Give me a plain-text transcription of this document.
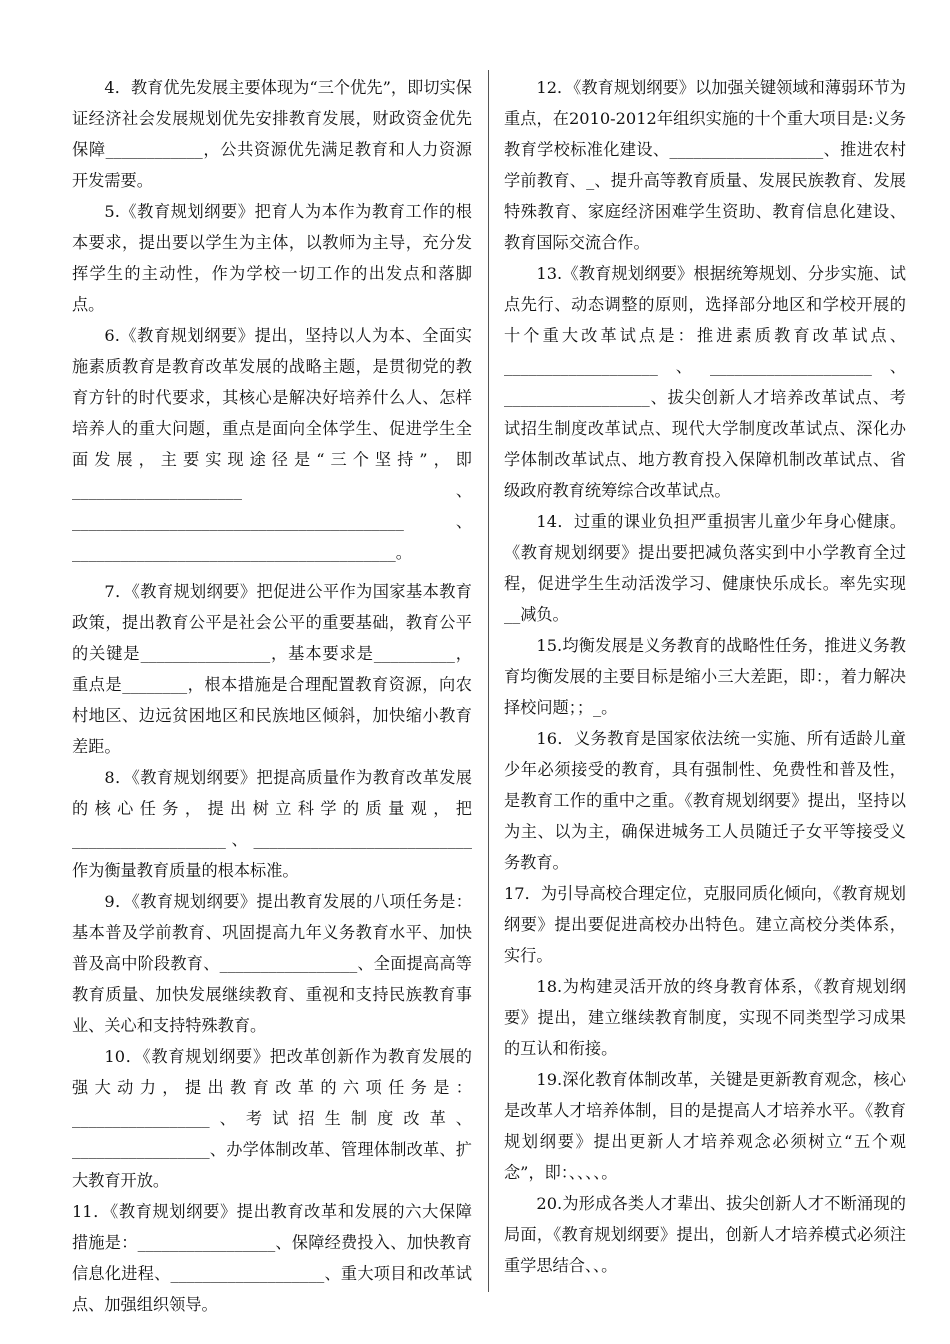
4．教育优先发展主要体现为“三个优先”，即切实保证经济社会发展规划优先安排教育发展，财政资金优先保障____________，公共资源优先满足教育和人力资源开发需要。

5.《教育规划纲要》把育人为本作为教育工作的根本要求，提出要以学生为主体，以教师为主导，充分发挥学生的主动性，作为学校一切工作的出发点和落脚点。

6.《教育规划纲要》提出，坚持以人为本、全面实施素质教育是教育改革发展的战略主题，是贯彻党的教育方针的时代要求，其核心是解决好培养什么人、怎样培养人的重大问题，重点是面向全体学生、促进学生全面发展，主要实现途径是“三个坚持”，即_____________________、_________________________________________、________________________________________。

7．《教育规划纲要》把促进公平作为国家基本教育政策，提出教育公平是社会公平的重要基础，教育公平的关键是________________，基本要求是__________，重点是________，根本措施是合理配置教育资源，向农村地区、边远贫困地区和民族地区倾斜，加快缩小教育差距。

8．《教育规划纲要》把提高质量作为教育改革发展的核心任务，提出树立科学的质量观，把___________________、___________________________作为衡量教育质量的根本标准。

9．《教育规划纲要》提出教育发展的八项任务是：基本普及学前教育、巩固提高九年义务教育水平、加快普及高中阶段教育、_________________、全面提高高等教育质量、加快发展继续教育、重视和支持民族教育事业、关心和支持特殊教育。

10．《教育规划纲要》把改革创新作为教育发展的强大动力，提出教育改革的六项任务是：_________________、考试招生制度改革、_________________、办学体制改革、管理体制改革、扩大教育开放。

11．《教育规划纲要》提出教育改革和发展的六大保障措施是：_________________、保障经费投入、加快教育信息化进程、___________________、重大项目和改革试点、加强组织领导。

12．《教育规划纲要》以加强关键领域和薄弱环节为重点，在2010-2012年组织实施的十个重大项目是:义务教育学校标准化建设、___________________、推进农村学前教育、_、提升高等教育质量、发展民族教育、发展特殊教育、家庭经济困难学生资助、教育信息化建设、教育国际交流合作。

13.《教育规划纲要》根据统筹规划、分步实施、试点先行、动态调整的原则，选择部分地区和学校开展的十个重大改革试点是：推进素质教育改革试点、___________________、____________________、__________________、拔尖创新人才培养改革试点、考试招生制度改革试点、现代大学制度改革试点、深化办学体制改革试点、地方教育投入保障机制改革试点、省级政府教育统筹综合改革试点。

14．过重的课业负担严重损害儿童少年身心健康。《教育规划纲要》提出要把减负落实到中小学教育全过程，促进学生生动活泼学习、健康快乐成长。率先实现__减负。

15.均衡发展是义务教育的战略性任务，推进义务教育均衡发展的主要目标是缩小三大差距，即：，着力解决择校问题；；_。

16．义务教育是国家依法统一实施、所有适龄儿童少年必须接受的教育，具有强制性、免费性和普及性，是教育工作的重中之重。《教育规划纲要》提出，坚持以为主、以为主，确保进城务工人员随迁子女平等接受义务教育。

17．为引导高校合理定位，克服同质化倾向，《教育规划纲要》提出要促进高校办出特色。建立高校分类体系，实行。

18.为构建灵活开放的终身教育体系，《教育规划纲要》提出，建立继续教育制度，实现不同类型学习成果的互认和衔接。

19.深化教育体制改革，关键是更新教育观念，核心是改革人才培养体制，目的是提高人才培养水平。《教育规划纲要》提出更新人才培养观念必须树立“五个观念”，即：、、、、。

20.为形成各类人才辈出、拔尖创新人才不断涌现的局面，《教育规划纲要》提出，创新人才培养模式必须注重学思结合、、。
